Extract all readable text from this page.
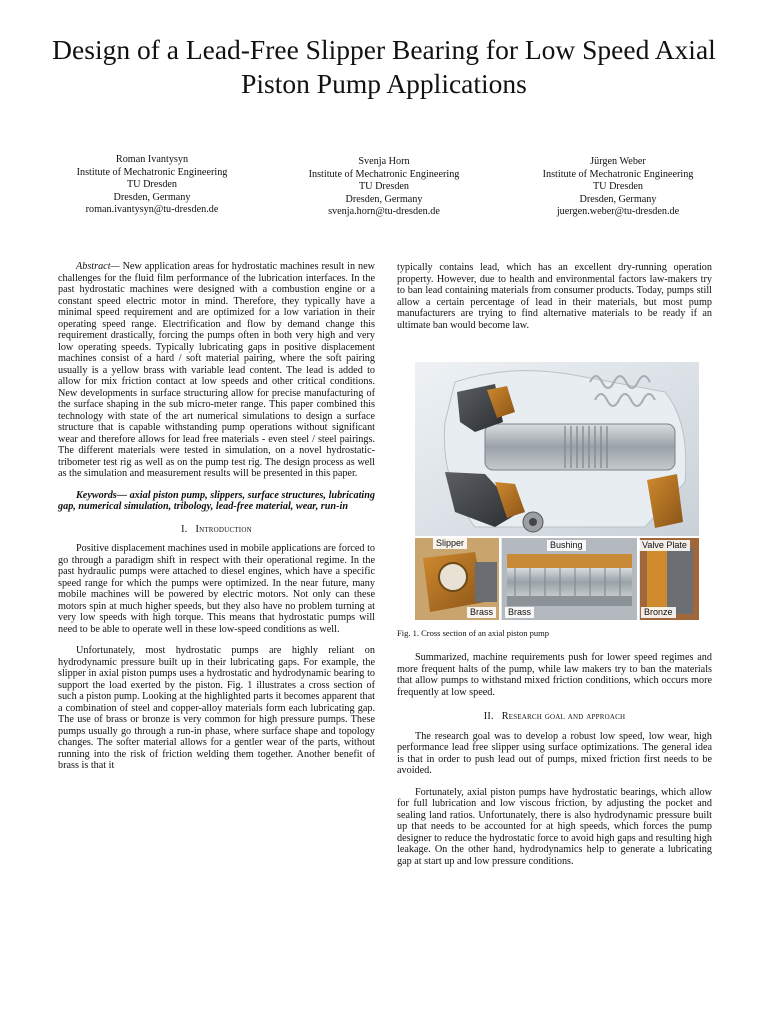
Design of a Lead-Free Slipper Bearing for Low Speed Axial Piston Pump Applications
Roman Ivantysyn
Institute of Mechatronic Engineering
TU Dresden
Dresden, Germany
roman.ivantysyn@tu-dresden.de
Svenja Horn
Institute of Mechatronic Engineering
TU Dresden
Dresden, Germany
svenja.horn@tu-dresden.de
Jürgen Weber
Institute of Mechatronic Engineering
TU Dresden
Dresden, Germany
juergen.weber@tu-dresden.de

Abstract— New application areas for hydrostatic machines result in new challenges for the fluid film performance of the lubrication interfaces. In the past hydrostatic machines were designed with a combustion engine or a constant speed electric motor in mind. Therefore, they typically have a minimal speed requirement and are optimized for a low variation in their operating speed range. Electrification and flow by demand change this requirement drastically, forcing the pumps often in both very high and very low operating speeds. Typically lubricating gaps in positive displacement machines consist of a hard / soft material pairing, where the soft pairing usually is a yellow brass with variable lead content. The lead is added to allow for mix friction contact at low speeds and other critical conditions. New developments in surface structuring allow for precise manufacturing of the surface shaping in the sub micro-meter range. This paper combined this technology with state of the art numerical simulations to design a surface structure that is capable withstanding pump operations without significant wear and therefore allows for lead free materials - even steel / steel pairings. The different materials were tested in simulation, on a novel hydrostatic- tribometer test rig as well as on the pump test rig. The design process as well as the simulation and measurement results will be presented in this paper.

Keywords— axial piston pump, slippers, surface structures, lubricating gap, numerical simulation, tribology, lead-free material, wear, run-in

I. Introduction

Positive displacement machines used in mobile applications are forced to go through a paradigm shift in respect with their operational regime. In the past hydraulic pumps were attached to diesel engines, which have a specific speed range for which the pumps were optimized. In the near future, many mobile machines will be powered by electric motors. Not only can these motors spin at much higher speeds, but they also have no problem turning at very low speeds with high torque. This means that hydrostatic pumps will need to be able to operate well in these low-speed conditions as well.

Unfortunately, most hydrostatic pumps are highly reliant on hydrodynamic pressure built up in their lubricating gaps. For example, the slipper in axial piston pumps uses a hydrostatic and hydrodynamic bearing to support the load exerted by the piston. Fig. 1 illustrates a cross section of such a piston pump. Looking at the highlighted parts it becomes apparent that a combination of steel and copper-alloy materials form each lubricating gap. The use of brass or bronze is very common for high pressure pumps. These pumps usually go through a run-in phase, where surface shape and topology changes. The softer material allows for a gentler wear of the parts, without running into the risk of friction welding them together. Another benefit of brass is that it

typically contains lead, which has an excellent dry-running operation property. However, due to health and environmental factors law-makers try to ban lead containing materials from consumer products. Today, pumps still allow a certain percentage of lead in their materials, but most pump manufacturers are trying to find alternative materials to be ready if an ultimate ban would become law.

Slipper	Bushing	Valve Plate
Brass	Brass	Bronze
Fig. 1. Cross section of an axial piston pump

Summarized, machine requirements push for lower speed regimes and more frequent halts of the pump, while law makers try to ban the materials that allow pumps to withstand mixed friction conditions, which occurs more frequently at low speed.

II. Research goal and approach

The research goal was to develop a robust low speed, low wear, high performance lead free slipper using surface optimizations. The general idea is that in order to push lead out of pumps, mixed friction first needs to be avoided.

Fortunately, axial piston pumps have hydrostatic bearings, which allow for full lubrication and low viscous friction, by adjusting the pocket and sealing land ratios. Unfortunately, there is also hydrodynamic pressure built up that needs to be accounted for at high speeds, which forces the pump designer to reduce the hydrostatic force to avoid high gaps and resulting high leakage. On the other hand, hydrodynamics help to generate a lubricating gap at start up and low pressure conditions.
